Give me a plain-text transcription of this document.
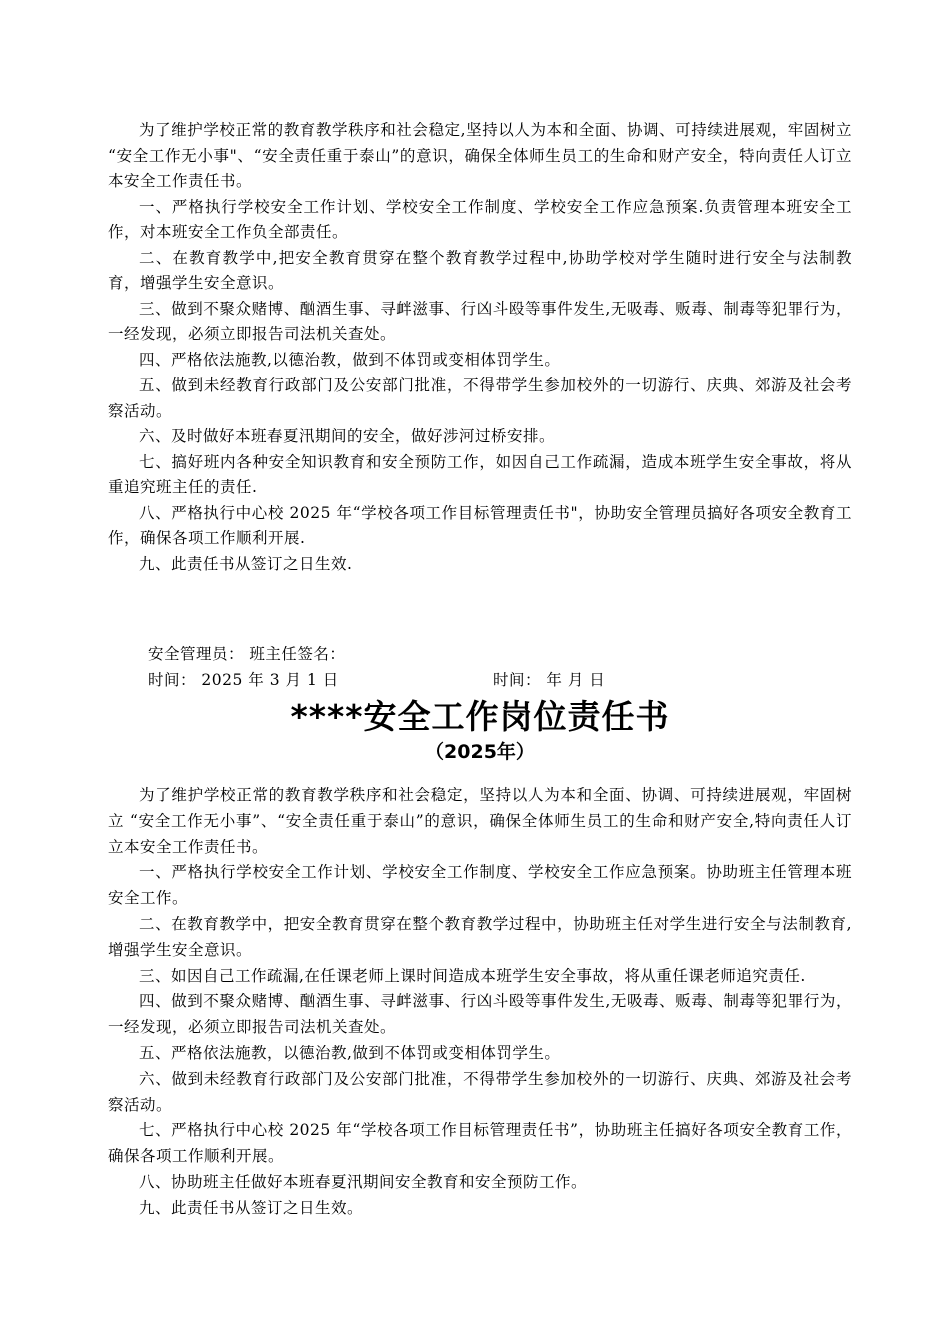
为了维护学校正常的教育教学秩序和社会稳定,坚持以人为本和全面、协调、可持续进展观，牢固树立 “安全工作无小事"、“安全责任重于泰山”的意识，确保全体师生员工的生命和财产安全，特向责任人订立本安全工作责任书。

一、严格执行学校安全工作计划、学校安全工作制度、学校安全工作应急预案.负责管理本班安全工作，对本班安全工作负全部责任。

二、在教育教学中,把安全教育贯穿在整个教育教学过程中,协助学校对学生随时进行安全与法制教育，增强学生安全意识。

三、做到不聚众赌博、酗酒生事、寻衅滋事、行凶斗殴等事件发生,无吸毒、贩毒、制毒等犯罪行为，一经发现，必须立即报告司法机关查处。

四、严格依法施教,以德治教，做到不体罚或变相体罚学生。

五、做到未经教育行政部门及公安部门批准，不得带学生参加校外的一切游行、庆典、郊游及社会考察活动。

六、及时做好本班春夏汛期间的安全，做好涉河过桥安排。

七、搞好班内各种安全知识教育和安全预防工作，如因自己工作疏漏，造成本班学生安全事故，将从重追究班主任的责任.

八、严格执行中心校 2025 年“学校各项工作目标管理责任书"，协助安全管理员搞好各项安全教育工作，确保各项工作顺利开展.

九、此责任书从签订之日生效.

安全管理员： 班主任签名：
时间： 2025 年 3 月 1 日	时间： 年 月 日
****安全工作岗位责任书
（2025年）

为了维护学校正常的教育教学秩序和社会稳定，坚持以人为本和全面、协调、可持续进展观，牢固树立 “安全工作无小事”、“安全责任重于泰山”的意识，确保全体师生员工的生命和财产安全,特向责任人订立本安全工作责任书。

一、严格执行学校安全工作计划、学校安全工作制度、学校安全工作应急预案。协助班主任管理本班安全工作。

二、在教育教学中，把安全教育贯穿在整个教育教学过程中，协助班主任对学生进行安全与法制教育,增强学生安全意识。

三、如因自己工作疏漏,在任课老师上课时间造成本班学生安全事故，将从重任课老师追究责任.

四、做到不聚众赌博、酗酒生事、寻衅滋事、行凶斗殴等事件发生,无吸毒、贩毒、制毒等犯罪行为，一经发现，必须立即报告司法机关查处。

五、严格依法施教，以德治教,做到不体罚或变相体罚学生。

六、做到未经教育行政部门及公安部门批准，不得带学生参加校外的一切游行、庆典、郊游及社会考察活动。

七、严格执行中心校 2025 年“学校各项工作目标管理责任书”，协助班主任搞好各项安全教育工作，确保各项工作顺利开展。

八、协助班主任做好本班春夏汛期间安全教育和安全预防工作。

九、此责任书从签订之日生效。
